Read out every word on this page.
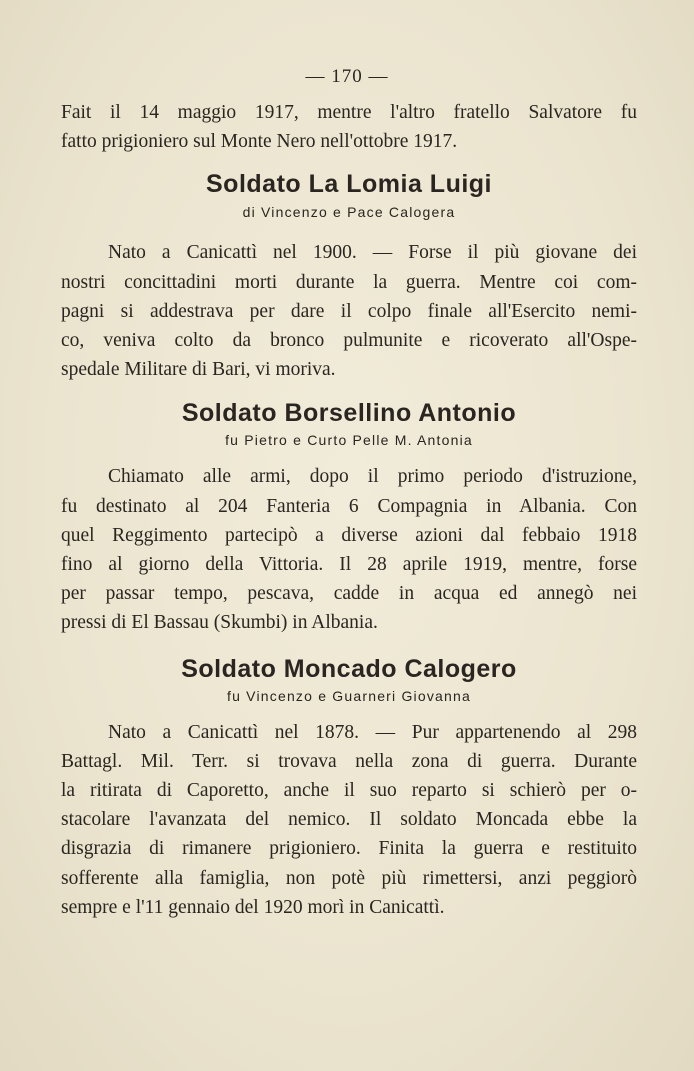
— 170 —

Fait il 14 maggio 1917, mentre l'altro fratello Salvatore fu
fatto prigioniero sul Monte Nero nell'ottobre 1917.

Soldato La Lomia Luigi
di Vincenzo e Pace Calogera

Nato a Canicattì nel 1900. — Forse il più giovane dei
nostri concittadini morti durante la guerra. Mentre coi com-
pagni si addestrava per dare il colpo finale all'Esercito nemi-
co, veniva colto da bronco pulmunite e ricoverato all'Ospe-
spedale Militare di Bari, vi moriva.

Soldato Borsellino Antonio
fu Pietro e Curto Pelle M. Antonia

Chiamato alle armi, dopo il primo periodo d'istruzione,
fu destinato al 204 Fanteria 6 Compagnia in Albania. Con
quel Reggimento partecipò a diverse azioni dal febbaio 1918
fino al giorno della Vittoria. Il 28 aprile 1919, mentre, forse
per passar tempo, pescava, cadde in acqua ed annegò nei
pressi di El Bassau (Skumbi) in Albania.

Soldato Moncado Calogero
fu Vincenzo e Guarneri Giovanna

Nato a Canicattì nel 1878. — Pur appartenendo al 298
Battagl. Mil. Terr. si trovava nella zona di guerra. Durante
la ritirata di Caporetto, anche il suo reparto si schierò per o-
stacolare l'avanzata del nemico. Il soldato Moncada ebbe la
disgrazia di rimanere prigioniero. Finita la guerra e restituito
sofferente alla famiglia, non potè più rimettersi, anzi peggiorò
sempre e l'11 gennaio del 1920 morì in Canicattì.
